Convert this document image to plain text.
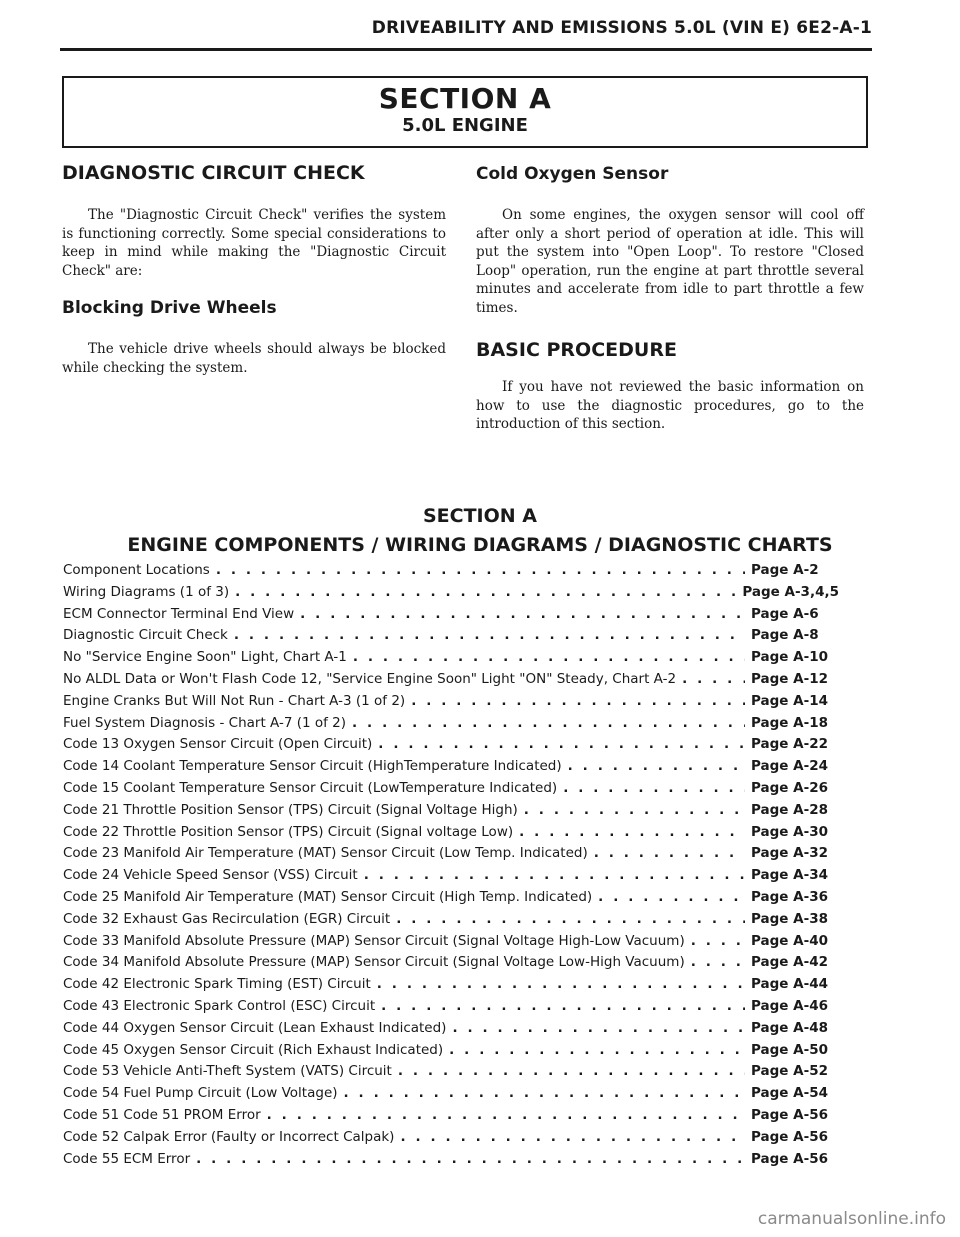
DRIVEABILITY AND EMISSIONS 5.0L (VIN E) 6E2-A-1
SECTION A
5.0L ENGINE
DIAGNOSTIC CIRCUIT CHECK
The "Diagnostic Circuit Check" verifies the system is functioning correctly. Some special considerations to keep in mind while making the "Diagnostic Circuit Check" are:
Blocking Drive Wheels
The vehicle drive wheels should always be blocked while checking the system.
Cold Oxygen Sensor
On some engines, the oxygen sensor will cool off after only a short period of operation at idle. This will put the system into "Open Loop". To restore "Closed Loop" operation, run the engine at part throttle several minutes and accelerate from idle to part throttle a few times.
BASIC PROCEDURE
If you have not reviewed the basic information on how to use the diagnostic procedures, go to the introduction of this section.
SECTION A
ENGINE COMPONENTS / WIRING DIAGRAMS / DIAGNOSTIC CHARTS
Component Locations . . .	Page A-2
Wiring Diagrams (1 of 3) . . .	Page A-3,4,5
ECM Connector Terminal End View . . .	Page A-6
Diagnostic Circuit Check . . .	Page A-8
No "Service Engine Soon" Light, Chart A-1 . . .	Page A-10
No ALDL Data or Won't Flash Code 12, "Service Engine Soon" Light "ON" Steady, Chart A-2 . . .	Page A-12
Engine Cranks But Will Not Run - Chart A-3 (1 of 2) . . .	Page A-14
Fuel System Diagnosis - Chart A-7 (1 of 2) . . .	Page A-18
Code 13 Oxygen Sensor Circuit (Open Circuit) . . .	Page A-22
Code 14 Coolant Temperature Sensor Circuit (HighTemperature Indicated) . . .	Page A-24
Code 15 Coolant Temperature Sensor Circuit (LowTemperature Indicated) . . .	Page A-26
Code 21 Throttle Position Sensor (TPS) Circuit (Signal Voltage High) . . .	Page A-28
Code 22 Throttle Position Sensor (TPS) Circuit (Signal voltage Low) . . .	Page A-30
Code 23 Manifold Air Temperature (MAT) Sensor Circuit (Low Temp. Indicated) . . .	Page A-32
Code 24 Vehicle Speed Sensor (VSS) Circuit . . .	Page A-34
Code 25 Manifold Air Temperature (MAT) Sensor Circuit (High Temp. Indicated) . . .	Page A-36
Code 32 Exhaust Gas Recirculation (EGR) Circuit . . .	Page A-38
Code 33 Manifold Absolute Pressure (MAP) Sensor Circuit (Signal Voltage High-Low Vacuum) . . .	Page A-40
Code 34 Manifold Absolute Pressure (MAP) Sensor Circuit (Signal Voltage Low-High Vacuum) . . .	Page A-42
Code 42 Electronic Spark Timing (EST) Circuit . . .	Page A-44
Code 43 Electronic Spark Control (ESC) Circuit . . .	Page A-46
Code 44 Oxygen Sensor Circuit (Lean Exhaust Indicated) . . .	Page A-48
Code 45 Oxygen Sensor Circuit (Rich Exhaust Indicated) . . .	Page A-50
Code 53 Vehicle Anti-Theft System (VATS) Circuit . . .	Page A-52
Code 54 Fuel Pump Circuit (Low Voltage) . . .	Page A-54
Code 51 Code 51 PROM Error . . .	Page A-56
Code 52 Calpak Error (Faulty or Incorrect Calpak) . . .	Page A-56
Code 55 ECM Error . . .	Page A-56
carmanualsonline.info
